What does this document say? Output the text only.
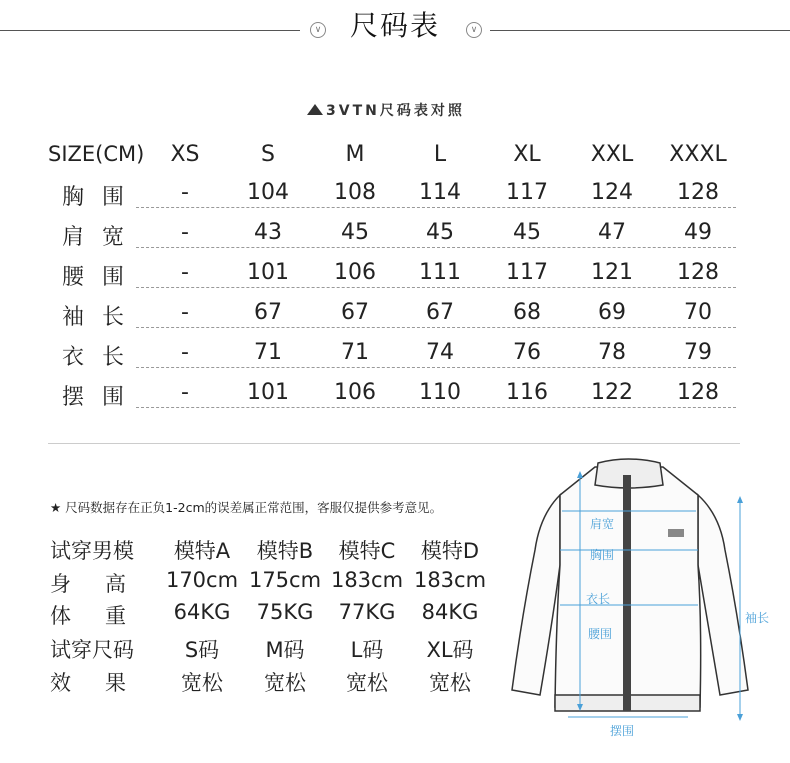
∨	尺码表	∨
3VTN尺码表对照
SIZE(CM)	XS	S	M	L	XL	XXL	XXXL
胸围	-	104	108	114	117	124	128
肩宽	-	43	45	45	45	47	49
腰围	-	101	106	111	117	121	128
袖长	-	67	67	67	68	69	70
衣长	-	71	71	74	76	78	79
摆围	-	101	106	110	116	122	128
★ 尺码数据存在正负1-2cm的误差属正常范围，客服仅提供参考意见。
试穿男模	模特A	模特B	模特C	模特D
身高 170cm 175cm 183cm 183cm
体重 64KG	75KG	77KG	84KG
试穿尺码	S码	M码	L码	XL码
效果	宽松	宽松	宽松	宽松
肩宽
胸围
衣长
腰围
袖长
摆围
